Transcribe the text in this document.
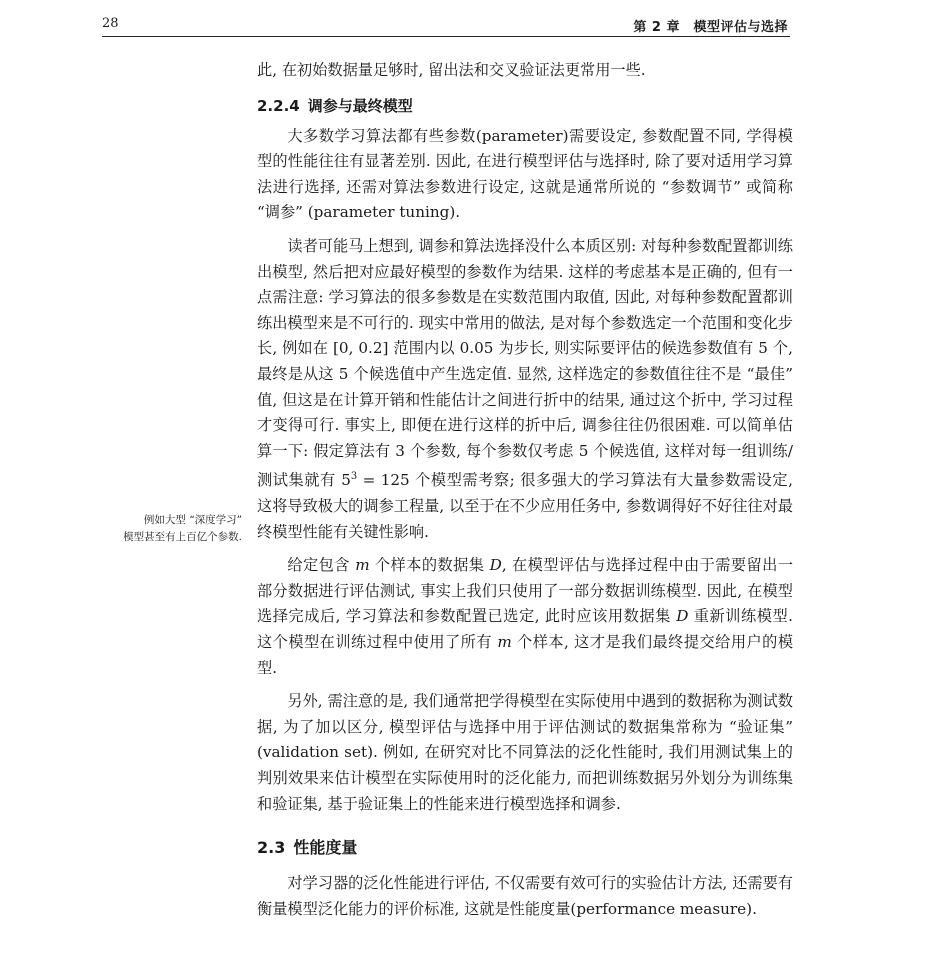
28	第 2 章  模型评估与选择
例如大型 “深度学习”
模型甚至有上百亿个参数.

此, 在初始数据量足够时, 留出法和交叉验证法更常用一些.

2.2.4 调参与最终模型

大多数学习算法都有些参数(parameter)需要设定, 参数配置不同, 学得模型的性能往往有显著差别. 因此, 在进行模型评估与选择时, 除了要对适用学习算法进行选择, 还需对算法参数进行设定, 这就是通常所说的 “参数调节” 或简称 “调参” (parameter tuning).

读者可能马上想到, 调参和算法选择没什么本质区别: 对每种参数配置都训练出模型, 然后把对应最好模型的参数作为结果. 这样的考虑基本是正确的, 但有一点需注意: 学习算法的很多参数是在实数范围内取值, 因此, 对每种参数配置都训练出模型来是不可行的. 现实中常用的做法, 是对每个参数选定一个范围和变化步长, 例如在 [0, 0.2] 范围内以 0.05 为步长, 则实际要评估的候选参数值有 5 个, 最终是从这 5 个候选值中产生选定值. 显然, 这样选定的参数值往往不是 “最佳” 值, 但这是在计算开销和性能估计之间进行折中的结果, 通过这个折中, 学习过程才变得可行. 事实上, 即便在进行这样的折中后, 调参往往仍很困难. 可以简单估算一下: 假定算法有 3 个参数, 每个参数仅考虑 5 个候选值, 这样对每一组训练/测试集就有 $5^3 = 125$ 个模型需考察; 很多强大的学习算法有大量参数需设定, 这将导致极大的调参工程量, 以至于在不少应用任务中, 参数调得好不好往往对最终模型性能有关键性影响.

给定包含 m 个样本的数据集 D, 在模型评估与选择过程中由于需要留出一部分数据进行评估测试, 事实上我们只使用了一部分数据训练模型. 因此, 在模型选择完成后, 学习算法和参数配置已选定, 此时应该用数据集 D 重新训练模型. 这个模型在训练过程中使用了所有 m 个样本, 这才是我们最终提交给用户的模型.

另外, 需注意的是, 我们通常把学得模型在实际使用中遇到的数据称为测试数据, 为了加以区分, 模型评估与选择中用于评估测试的数据集常称为 “验证集” (validation set). 例如, 在研究对比不同算法的泛化性能时, 我们用测试集上的判别效果来估计模型在实际使用时的泛化能力, 而把训练数据另外划分为训练集和验证集, 基于验证集上的性能来进行模型选择和调参.

2.3 性能度量

对学习器的泛化性能进行评估, 不仅需要有效可行的实验估计方法, 还需要有衡量模型泛化能力的评价标准, 这就是性能度量(performance measure).
